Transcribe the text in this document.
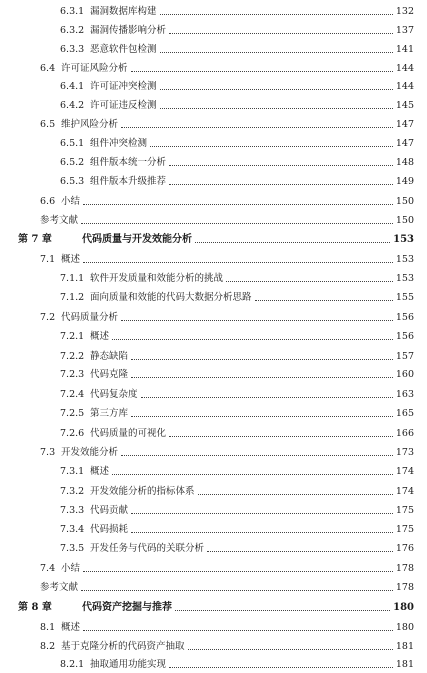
6.3.1 漏洞数据库构建	132
6.3.2 漏洞传播影响分析	137
6.3.3 恶意软件包检测	141
6.4 许可证风险分析	144
6.4.1 许可证冲突检测	144
6.4.2 许可证违反检测	145
6.5 维护风险分析	147
6.5.1 组件冲突检测	147
6.5.2 组件版本统一分析	148
6.5.3 组件版本升级推荐	149
6.6 小结	150
参考文献	150
第 7 章	代码质量与开发效能分析	153
7.1 概述	153
7.1.1 软件开发质量和效能分析的挑战	153
7.1.2 面向质量和效能的代码大数据分析思路	155
7.2 代码质量分析	156
7.2.1 概述	156
7.2.2 静态缺陷	157
7.2.3 代码克隆	160
7.2.4 代码复杂度	163
7.2.5 第三方库	165
7.2.6 代码质量的可视化	166
7.3 开发效能分析	173
7.3.1 概述	174
7.3.2 开发效能分析的指标体系	174
7.3.3 代码贡献	175
7.3.4 代码损耗	175
7.3.5 开发任务与代码的关联分析	176
7.4 小结	178
参考文献	178
第 8 章	代码资产挖掘与推荐	180
8.1 概述	180
8.2 基于克隆分析的代码资产抽取	181
8.2.1 抽取通用功能实现	181
